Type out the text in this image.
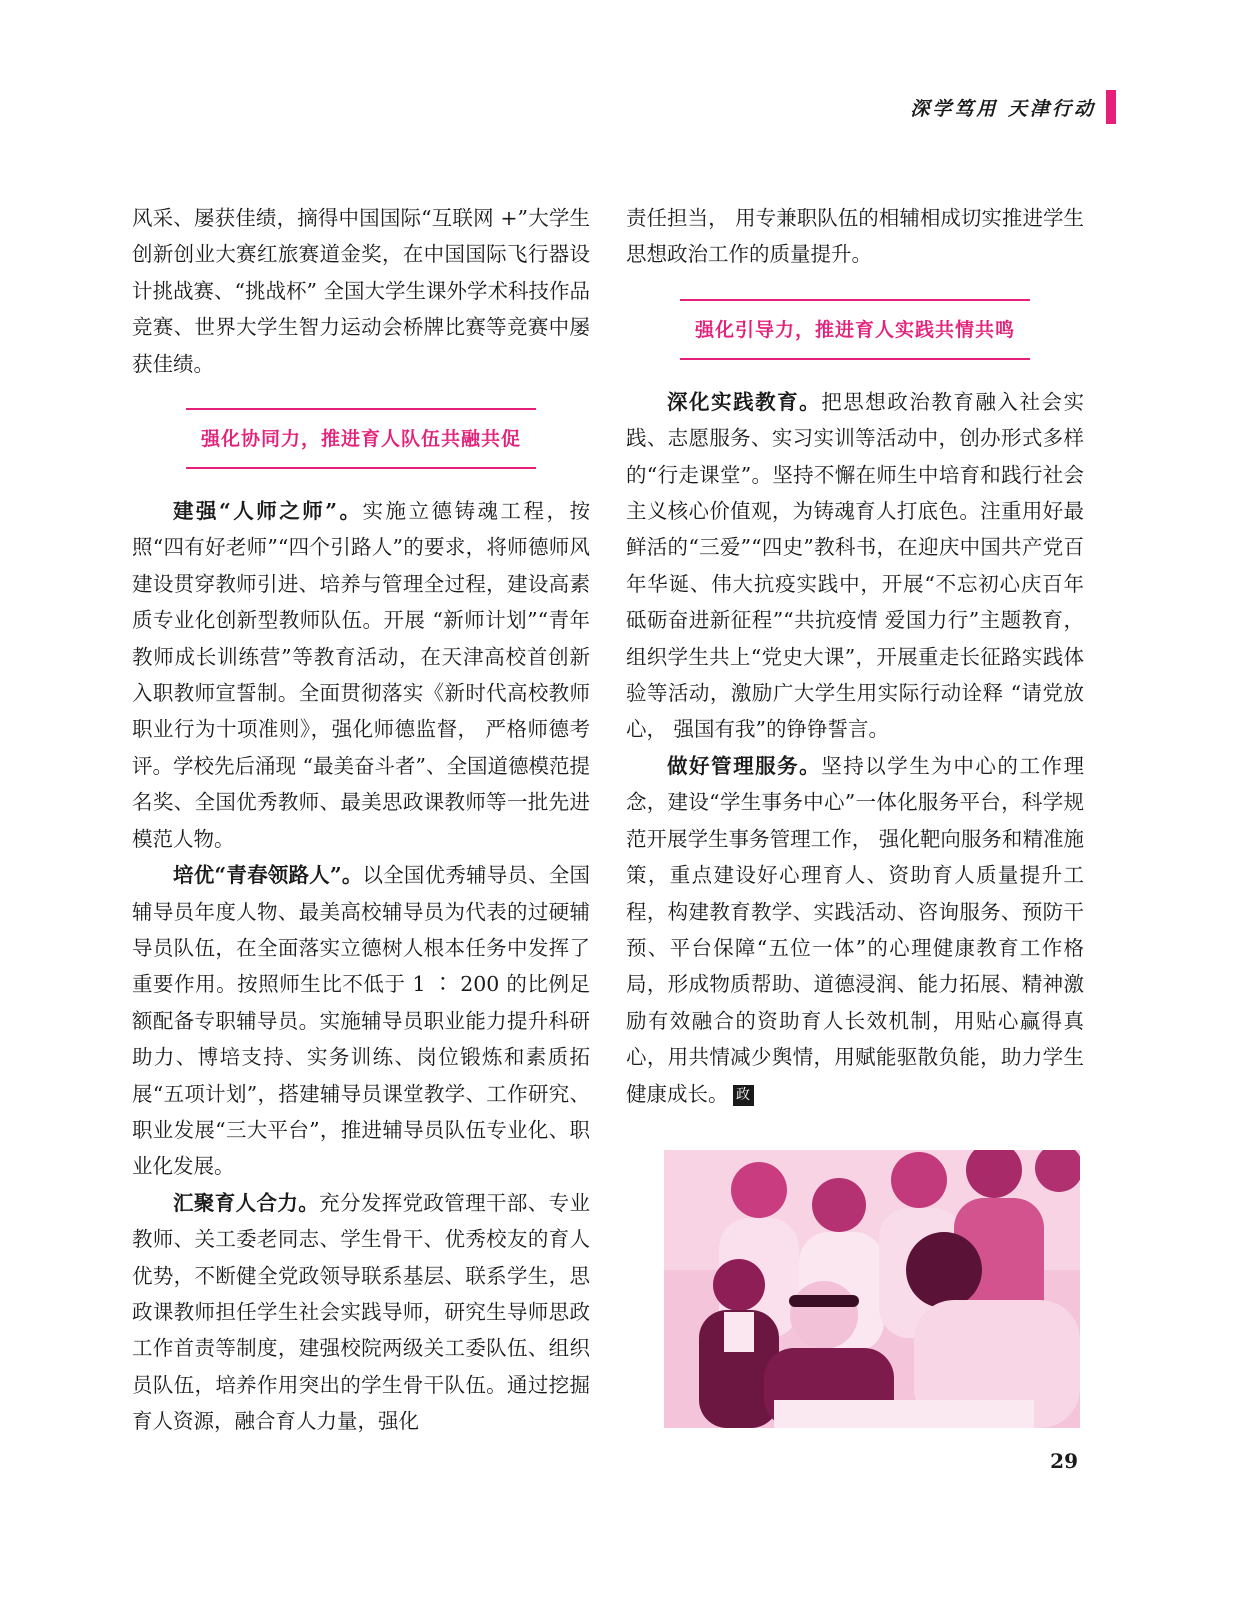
深学笃用 天津行动

风采、屡获佳绩，摘得中国国际“互联网 +”大学生创新创业大赛红旅赛道金奖，在中国国际飞行器设计挑战赛、“挑战杯” 全国大学生课外学术科技作品竞赛、世界大学生智力运动会桥牌比赛等竞赛中屡获佳绩。

强化协同力，推进育人队伍共融共促

建强“人师之师”。实施立德铸魂工程，按照“四有好老师”“四个引路人”的要求，将师德师风建设贯穿教师引进、培养与管理全过程，建设高素质专业化创新型教师队伍。开展 “新师计划”“青年教师成长训练营”等教育活动，在天津高校首创新入职教师宣誓制。全面贯彻落实《新时代高校教师职业行为十项准则》，强化师德监督， 严格师德考评。学校先后涌现 “最美奋斗者”、全国道德模范提名奖、全国优秀教师、最美思政课教师等一批先进模范人物。

培优“青春领路人”。以全国优秀辅导员、全国辅导员年度人物、最美高校辅导员为代表的过硬辅导员队伍，在全面落实立德树人根本任务中发挥了重要作用。按照师生比不低于 1 ∶ 200 的比例足额配备专职辅导员。实施辅导员职业能力提升科研助力、博培支持、实务训练、岗位锻炼和素质拓展“五项计划”，搭建辅导员课堂教学、工作研究、职业发展“三大平台”，推进辅导员队伍专业化、职业化发展。

汇聚育人合力。充分发挥党政管理干部、专业教师、关工委老同志、学生骨干、优秀校友的育人优势，不断健全党政领导联系基层、联系学生，思政课教师担任学生社会实践导师，研究生导师思政工作首责等制度，建强校院两级关工委队伍、组织员队伍，培养作用突出的学生骨干队伍。通过挖掘育人资源，融合育人力量，强化

责任担当， 用专兼职队伍的相辅相成切实推进学生思想政治工作的质量提升。

强化引导力，推进育人实践共情共鸣

深化实践教育。把思想政治教育融入社会实践、志愿服务、实习实训等活动中，创办形式多样的“行走课堂”。坚持不懈在师生中培育和践行社会主义核心价值观，为铸魂育人打底色。注重用好最鲜活的“三爱”“四史”教科书，在迎庆中国共产党百年华诞、伟大抗疫实践中，开展“不忘初心庆百年 砥砺奋进新征程”“共抗疫情 爱国力行”主题教育，组织学生共上“党史大课”，开展重走长征路实践体验等活动，激励广大学生用实际行动诠释 “请党放心， 强国有我”的铮铮誓言。

做好管理服务。坚持以学生为中心的工作理念，建设“学生事务中心”一体化服务平台，科学规范开展学生事务管理工作， 强化靶向服务和精准施策，重点建设好心理育人、资助育人质量提升工程，构建教育教学、实践活动、咨询服务、预防干预、平台保障“五位一体”的心理健康教育工作格局，形成物质帮助、道德浸润、能力拓展、精神激励有效融合的资助育人长效机制，用贴心赢得真心，用共情减少舆情，用赋能驱散负能，助力学生健康成长。 政

29
